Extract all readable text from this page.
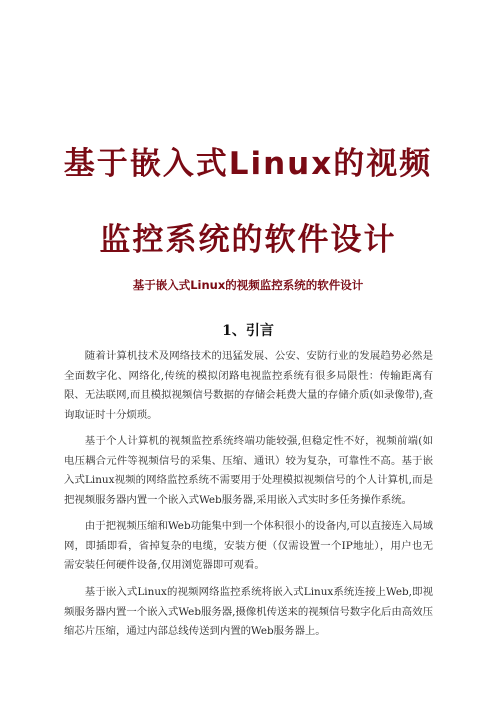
基于嵌入式Linux的视频
监控系统的软件设计

基于嵌入式Linux的视频监控系统的软件设计

1、引言

随着计算机技术及网络技术的迅猛发展、公安、安防行业的发展趋势必然是全面数字化、网络化,传统的模拟闭路电视监控系统有很多局限性：传输距离有限、无法联网,而且模拟视频信号数据的存储会耗费大量的存储介质(如录像带),查询取证时十分烦琐。

基于个人计算机的视频监控系统终端功能较强,但稳定性不好，视频前端(如电压耦合元件等视频信号的采集、压缩、通讯）较为复杂，可靠性不高。基于嵌入式Linux视频的网络监控系统不需要用于处理模拟视频信号的个人计算机,而是把视频服务器内置一个嵌入式Web服务器,采用嵌入式实时多任务操作系统。

由于把视频压缩和Web功能集中到一个体积很小的设备内,可以直接连入局域网，即插即看，省掉复杂的电缆，安装方便（仅需设置一个IP地址），用户也无需安装任何硬件设备,仅用浏览器即可观看。

基于嵌入式Linux的视频网络监控系统将嵌入式Linux系统连接上Web,即视频服务器内置一个嵌入式Web服务器,摄像机传送来的视频信号数字化后由高效压缩芯片压缩，通过内部总线传送到内置的Web服务器上。
